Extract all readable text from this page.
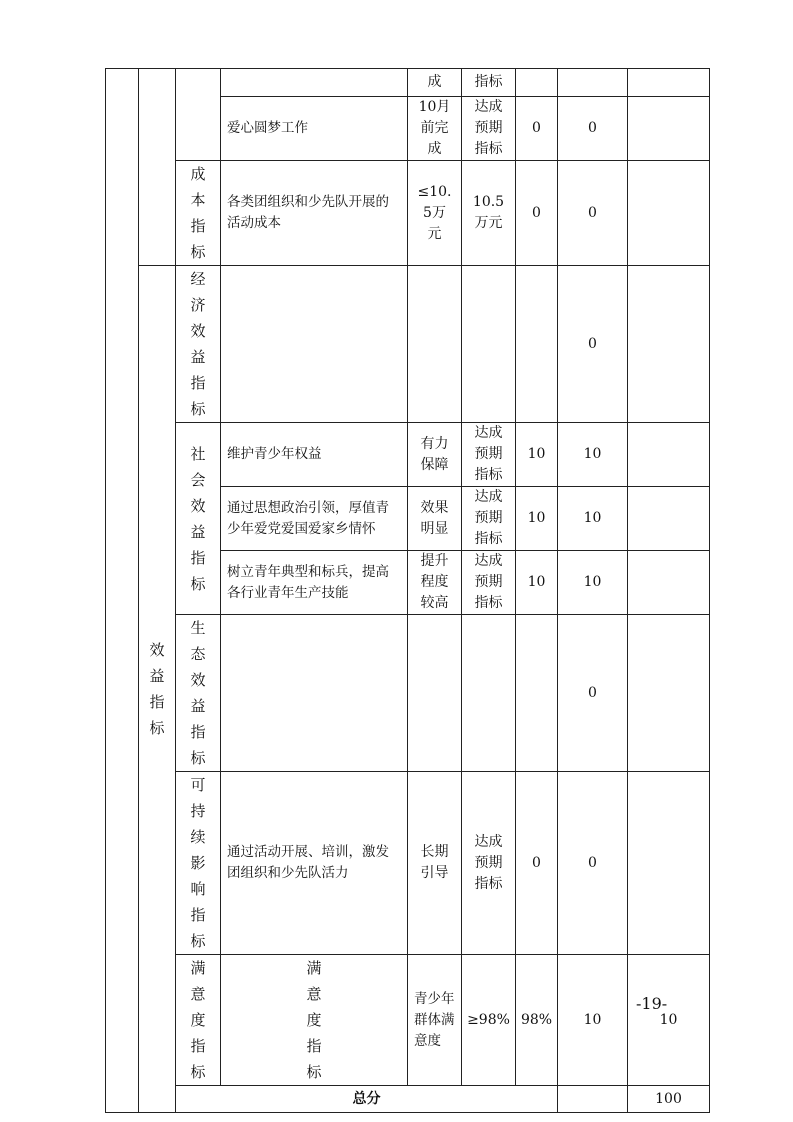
				成	指标				
			爱心圆梦工作	10月前完成	达成预期指标	0	0		
		成本指标	各类团组织和少先队开展的活动成本	≤10.5万元	10.5万元	0	0		
	效益指标	经济效益指标					0		
		社会效益指标	维护青少年权益	有力保障	达成预期指标	10	10		
			通过思想政治引领，厚值青少年爱党爱国爱家乡情怀	效果明显	达成预期指标	10	10		
			树立青年典型和标兵，提高各行业青年生产技能	提升程度较高	达成预期指标	10	10		
		生态效益指标					0		
		可持续影响指标	通过活动开展、培训，激发团组织和少先队活力	长期引导	达成预期指标	0	0		
		满意度指标	满意度指标	青少年群体满意度	≥98%	98%	10	10	
		总分						100		
-19-
